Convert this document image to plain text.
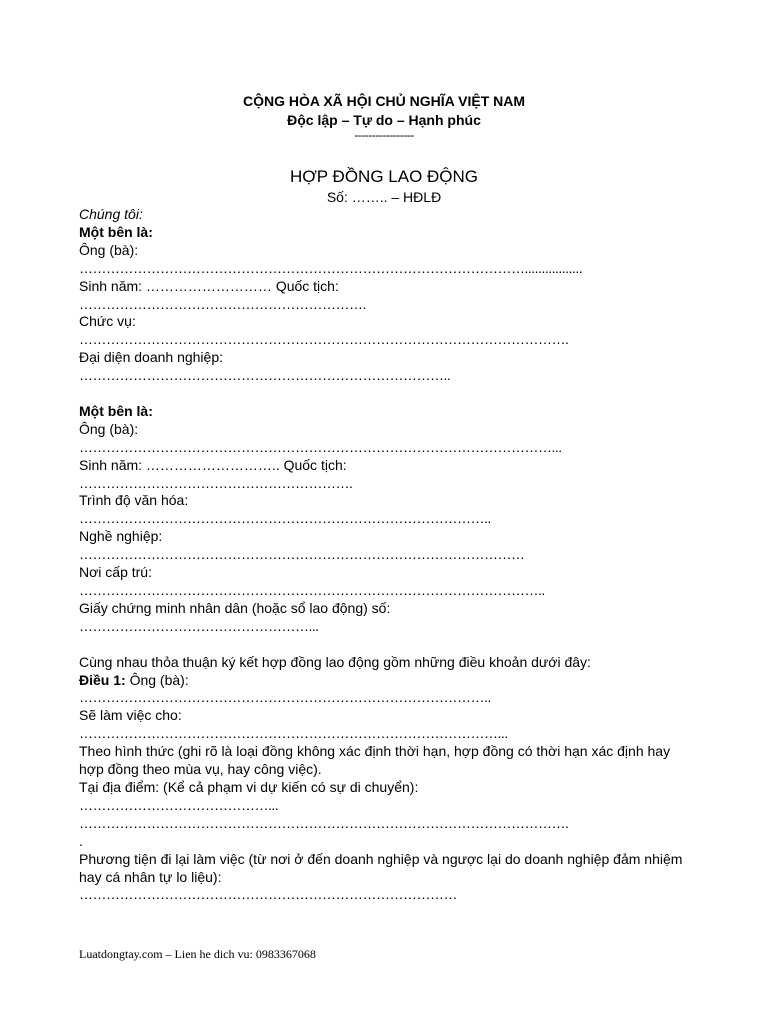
CỘNG HÒA XÃ HỘI CHỦ NGHĨA VIỆT NAM
Độc lập – Tự do – Hạnh phúc
-----------------
HỢP ĐỒNG LAO ĐỘNG
Số: …….. – HĐLĐ
Chúng tôi:
Một bên là:
Ông (bà):
……………………………………………………………………………………….................
Sinh năm: ……………………… Quốc tịch:
……………………………………………………….
Chức vụ:
……………………………………………………………………………………………….
Đại diện doanh nghiệp:
………………………………………………………………………..
Một bên là:
Ông (bà):
……………………………………………………………………………………………...
Sinh năm: ……………………….. Quốc tịch:
…………………………………………………….
Trình độ văn hóa:
………………………………………………………………………………..
Nghề nghiệp:
………………………………………………………………………………………
Nơi cấp trú:
…………………………………………………………………………………………..
Giấy chứng minh nhân dân (hoặc sổ lao động) số:
……………………………………………...
Cùng nhau thỏa thuận ký kết hợp đồng lao động gồm những điều khoản dưới đây:
Điều 1: Ông (bà):
………………………………………………………………………………..
Sẽ làm việc cho:
…………………………………………………………………………………...
Theo hình thức (ghi rõ là loại đồng không xác định thời hạn, hợp đồng có thời hạn xác định hay hợp đồng theo mùa vụ, hay công việc).
Tại địa điểm: (Kể cả phạm vi dự kiến có sự di chuyển):
……………………………………...
……………………………………………………………………………………………….
.
Phương tiện đi lại làm việc (từ nơi ở đến doanh nghiệp và ngược lại do doanh nghiệp đảm nhiệm hay cá nhân tự lo liệu):
…………………………………………………………………………
Luatdongtay.com – Lien he dich vu: 0983367068
